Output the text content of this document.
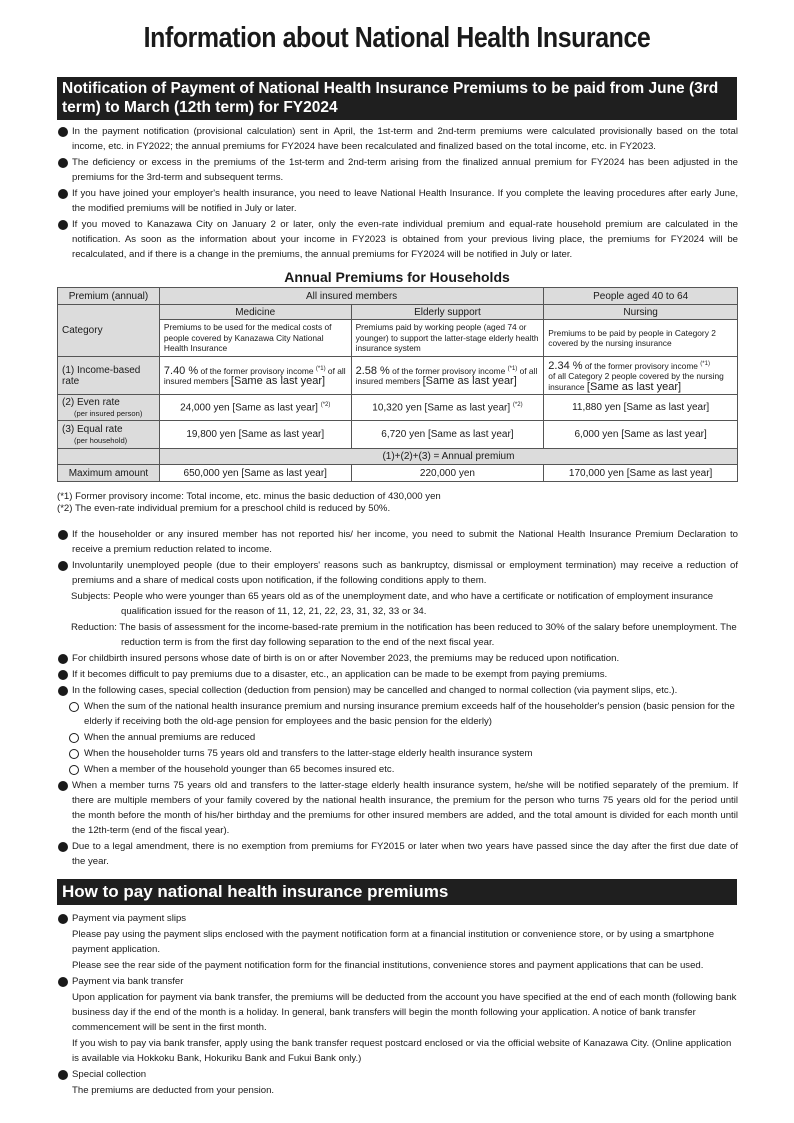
Information about National Health Insurance
Notification of Payment of National Health Insurance Premiums to be paid from June (3rd term) to March (12th term) for FY2024

In the payment notification (provisional calculation) sent in April, the 1st-term and 2nd-term premiums were calculated provisionally based on the total income, etc. in FY2022; the annual premiums for FY2024 have been recalculated and finalized based on the total income, etc. in FY2023.

The deficiency or excess in the premiums of the 1st-term and 2nd-term arising from the finalized annual premium for FY2024 has been adjusted in the premiums for the 3rd-term and subsequent terms.

If you have joined your employer's health insurance, you need to leave National Health Insurance. If you complete the leaving procedures after early June, the modified premiums will be notified in July or later.

If you moved to Kanazawa City on January 2 or later, only the even-rate individual premium and equal-rate household premium are calculated in the notification. As soon as the information about your income in FY2023 is obtained from your previous living place, the premiums for FY2024 will be recalculated, and if there is a change in the premiums, the annual premiums for FY2024 will be notified in July or later.

Annual Premiums for Households
Premium (annual)	All insured members		People aged 40 to 64
Category	Medicine	Elderly support	Nursing
	Premiums to be used for the medical costs of people covered by Kanazawa City National Health Insurance	Premiums paid by working people (aged 74 or younger) to support the latter-stage elderly health insurance system	Premiums to be paid by people in Category 2 covered by the nursing insurance
(1) Income-based rate	7.40 % of the former provisory income $^{(*1)}$ of all insured members [Same as last year]	2.58 % of the former provisory income $^{(*1)}$ of all insured members [Same as last year]	2.34 % of the former provisory income $^{(*1)}$
of all Category 2 people covered by the nursing insurance [Same as last year]
(2) Even rate
(per insured person)	24,000 yen [Same as last year] $^{(*2)}$	10,320 yen [Same as last year] $^{(*2)}$	11,880 yen [Same as last year]
(3) Equal rate
(per household)	19,800 yen [Same as last year]	6,720 yen [Same as last year]	6,000 yen [Same as last year]
	(1)+(2)+(3) = Annual premium		
Maximum amount	650,000 yen [Same as last year]	220,000 yen	170,000 yen [Same as last year]
(*1) Former provisory income: Total income, etc. minus the basic deduction of 430,000 yen
(*2) The even-rate individual premium for a preschool child is reduced by 50%.

If the householder or any insured member has not reported his/ her income, you need to submit the National Health Insurance Premium Declaration to receive a premium reduction related to income.

Involuntarily unemployed people (due to their employers' reasons such as bankruptcy, dismissal or employment termination) may receive a reduction of premiums and a share of medical costs upon notification, if the following conditions apply to them.

Subjects: People who were younger than 65 years old as of the unemployment date, and who have a certificate or notification of employment insurance qualification issued for the reason of 11, 12, 21, 22, 23, 31, 32, 33 or 34.

Reduction: The basis of assessment for the income-based-rate premium in the notification has been reduced to 30% of the salary before unemployment. The reduction term is from the first day following separation to the end of the next fiscal year.

For childbirth insured persons whose date of birth is on or after November 2023, the premiums may be reduced upon notification.

If it becomes difficult to pay premiums due to a disaster, etc., an application can be made to be exempt from paying premiums.

In the following cases, special collection (deduction from pension) may be cancelled and changed to normal collection (via payment slips, etc.).

When the sum of the national health insurance premium and nursing insurance premium exceeds half of the householder's pension (basic pension for the elderly if receiving both the old-age pension for employees and the basic pension for the elderly)

When the annual premiums are reduced

When the householder turns 75 years old and transfers to the latter-stage elderly health insurance system

When a member of the household younger than 65 becomes insured etc.

When a member turns 75 years old and transfers to the latter-stage elderly health insurance system, he/she will be notified separately of the premium. If there are multiple members of your family covered by the national health insurance, the premium for the person who turns 75 years old for the period until the month before the month of his/her birthday and the premiums for other insured members are added, and the total amount is divided for each month until the 12th-term (end of the fiscal year).

Due to a legal amendment, there is no exemption from premiums for FY2015 or later when two years have passed since the day after the first due date of the year.

How to pay national health insurance premiums

Payment via payment slips

Please pay using the payment slips enclosed with the payment notification form at a financial institution or convenience store, or by using a smartphone payment application.

Please see the rear side of the payment notification form for the financial institutions, convenience stores and payment applications that can be used.

Payment via bank transfer

Upon application for payment via bank transfer, the premiums will be deducted from the account you have specified at the end of each month (following bank business day if the end of the month is a holiday. In general, bank transfers will begin the month following your application. A notice of bank transfer commencement will be sent in the first month.

If you wish to pay via bank transfer, apply using the bank transfer request postcard enclosed or via the official website of Kanazawa City. (Online application is available via Hokkoku Bank, Hokuriku Bank and Fukui Bank only.)

Special collection

The premiums are deducted from your pension.
